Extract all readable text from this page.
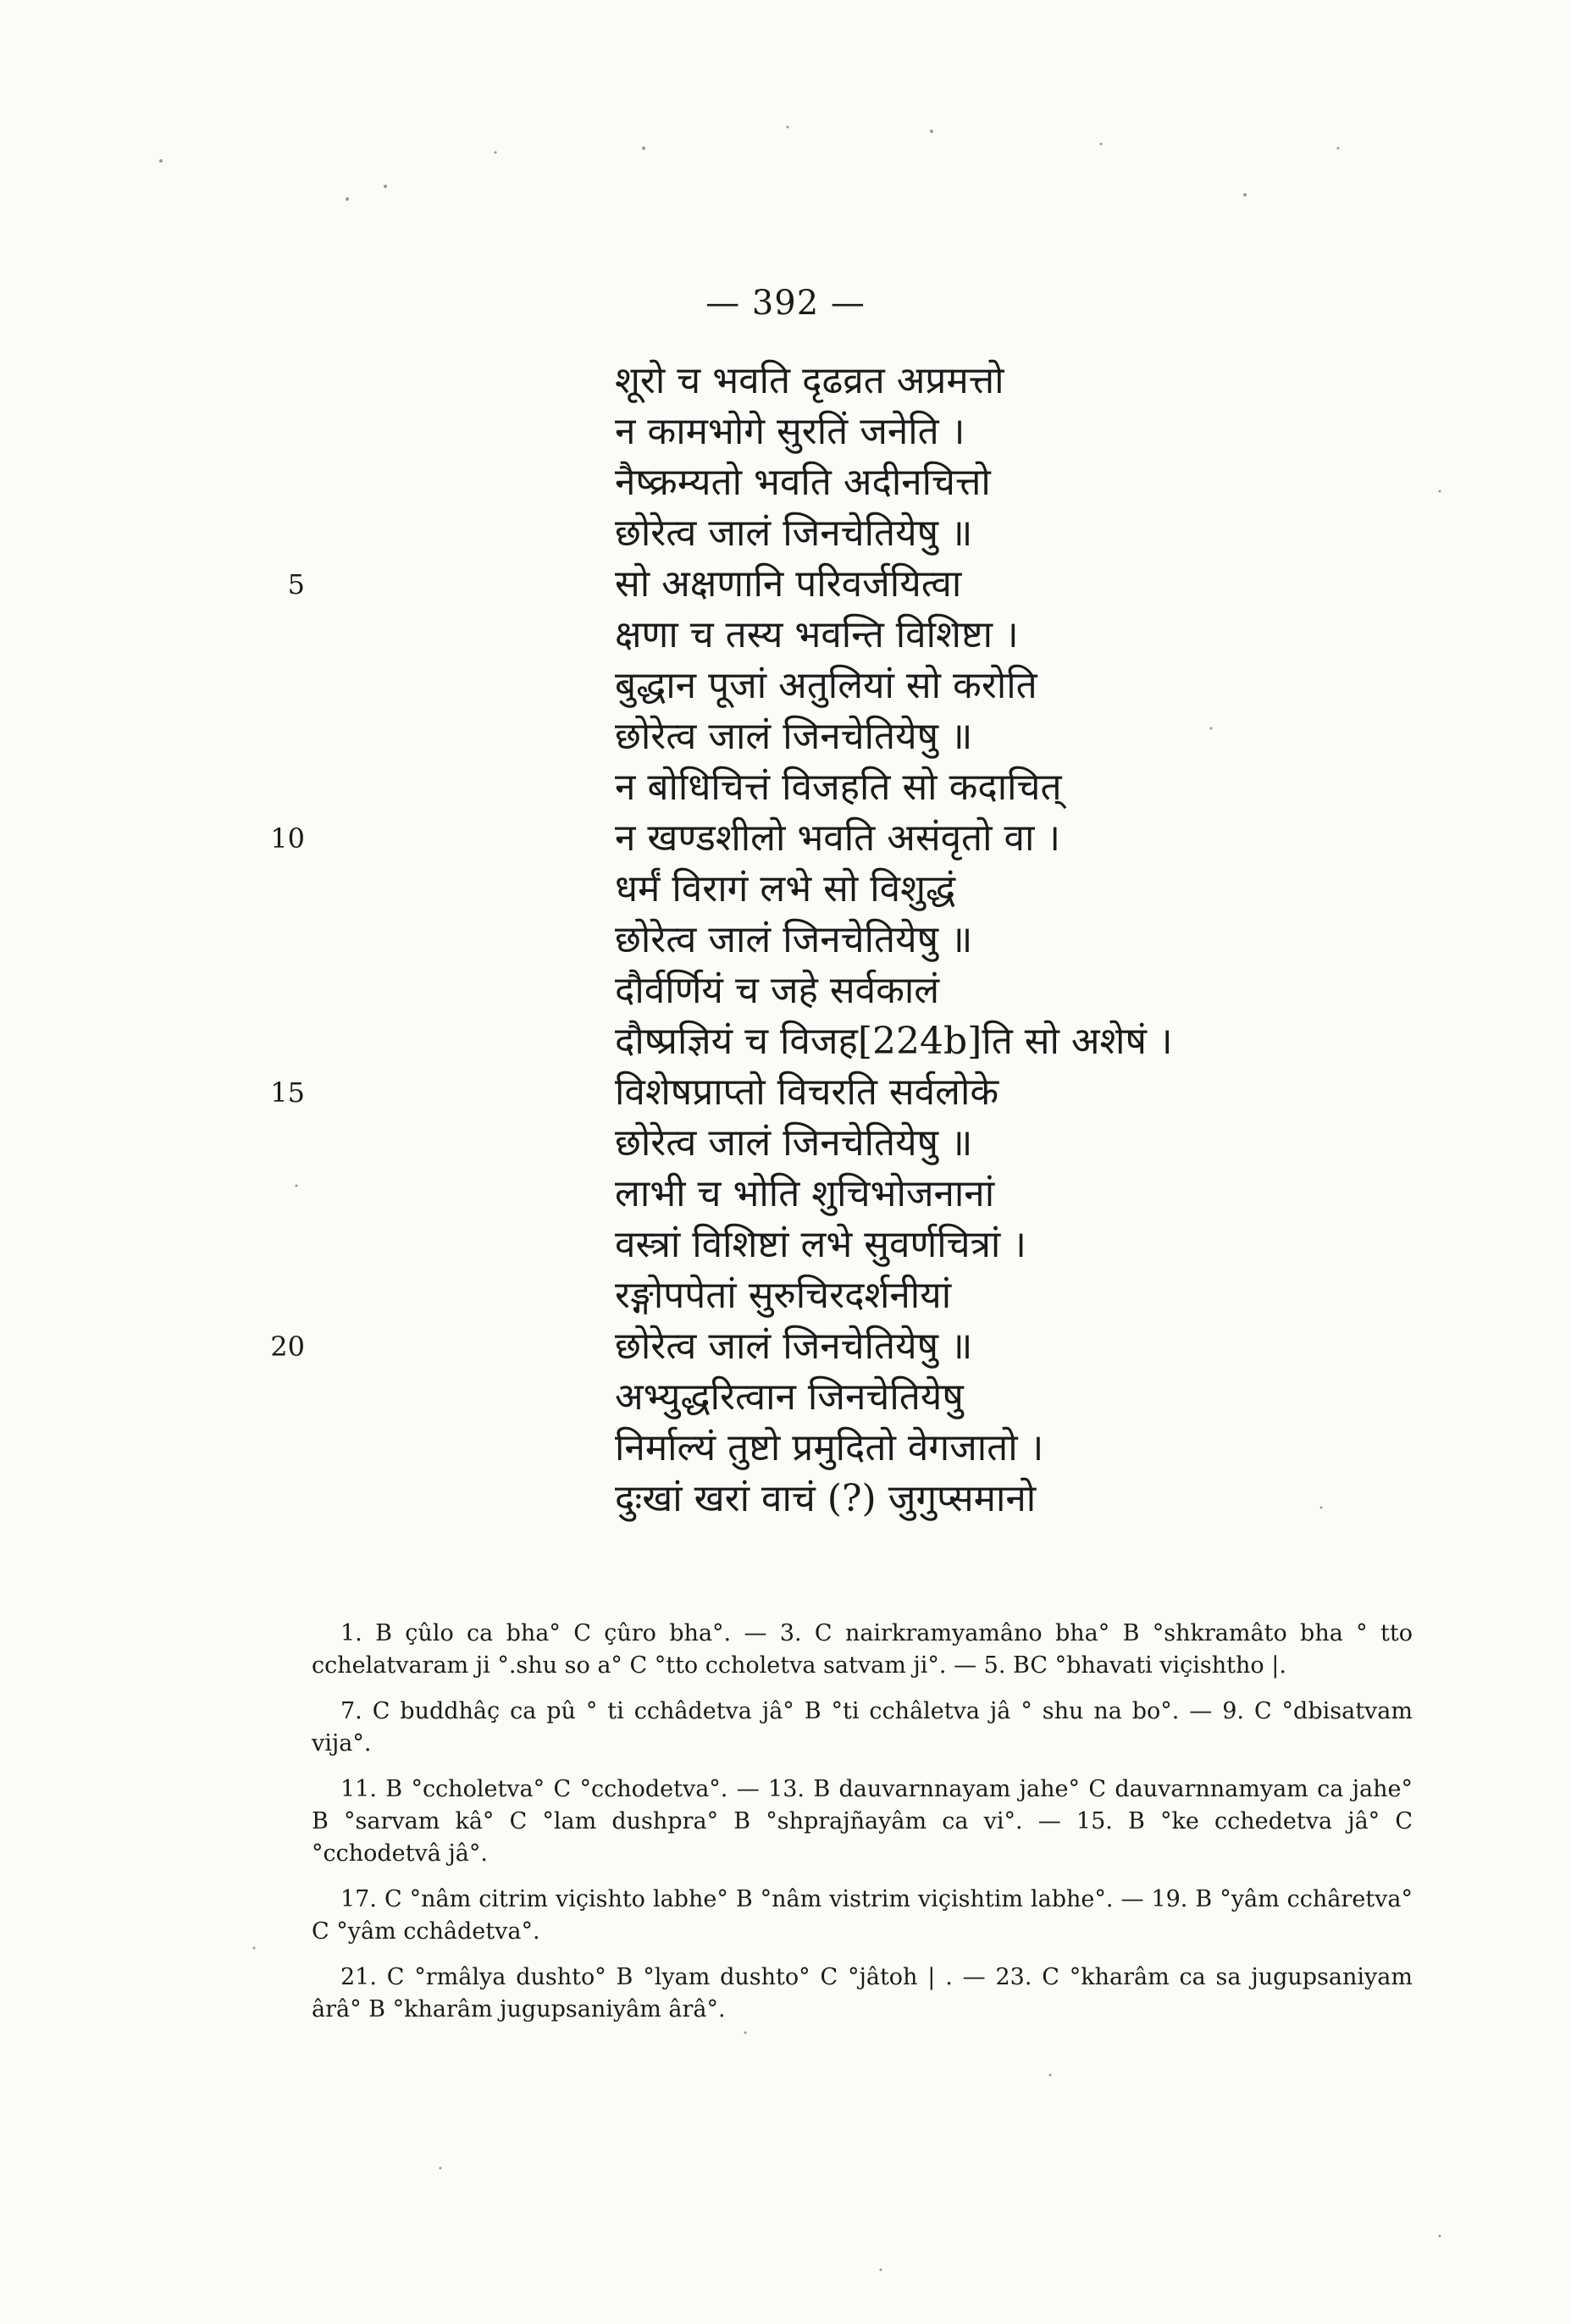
— 392 —
शूरो च भवति दृढव्रत अप्रमत्तो
न कामभोगे सुरतिं जनेति ।
नैष्क्रम्यतो भवति अदीनचित्तो
छोरेत्व जालं जिनचेतियेषु ॥
सो अक्षणानि परिवर्जयित्वा
क्षणा च तस्य भवन्ति विशिष्टा ।
बुद्धान पूजां अतुलियां सो करोति
छोरेत्व जालं जिनचेतियेषु ॥
न बोधिचित्तं विजहति सो कदाचित्
न खण्डशीलो भवति असंवृतो वा ।
धर्मं विरागं लभे सो विशुद्धं
छोरेत्व जालं जिनचेतियेषु ॥
दौर्वर्णियं च जहे सर्वकालं
दौष्प्रज्ञियं च विजह[224b]ति सो अशेषं ।
विशेषप्राप्तो विचरति सर्वलोके
छोरेत्व जालं जिनचेतियेषु ॥
लाभी च भोति शुचिभोजनानां
वस्त्रां विशिष्टां लभे सुवर्णचित्रां ।
रङ्गोपपेतां सुरुचिरदर्शनीयां
छोरेत्व जालं जिनचेतियेषु ॥
अभ्युद्धरित्वान जिनचेतियेषु
निर्माल्यं तुष्टो प्रमुदितो वेगजातो ।
दुःखां खरां वाचं (?) जुगुप्समानो
5
10
15
20

1. B çûlo ca bha° C çûro bha°. — 3. C nairkramyamâno bha° B °shkramâto bha ° tto cchelatvaram ji °.shu so a° C °tto ccholetva satvam ji°. — 5. BC °bhavati viçishtho |.

7. C buddhâç ca pû ° ti cchâdetva jâ° B °ti cchâletva jâ ° shu na bo°. — 9. C °dbisatvam vija°.

11. B °ccholetva° C °cchodetva°. — 13. B dauvarnnayam jahe° C dauvarnnamyam ca jahe° B °sarvam kâ° C °lam dushpra° B °shprajñayâm ca vi°. — 15. B °ke cchedetva jâ° C °cchodetvâ jâ°.

17. C °nâm citrim viçishto labhe° B °nâm vistrim viçishtim labhe°. — 19. B °yâm cchâretva° C °yâm cchâdetva°.

21. C °rmâlya dushto° B °lyam dushto° C °jâtoh | . — 23. C °kharâm ca sa jugupsaniyam ârâ° B °kharâm jugupsaniyâm ârâ°.
